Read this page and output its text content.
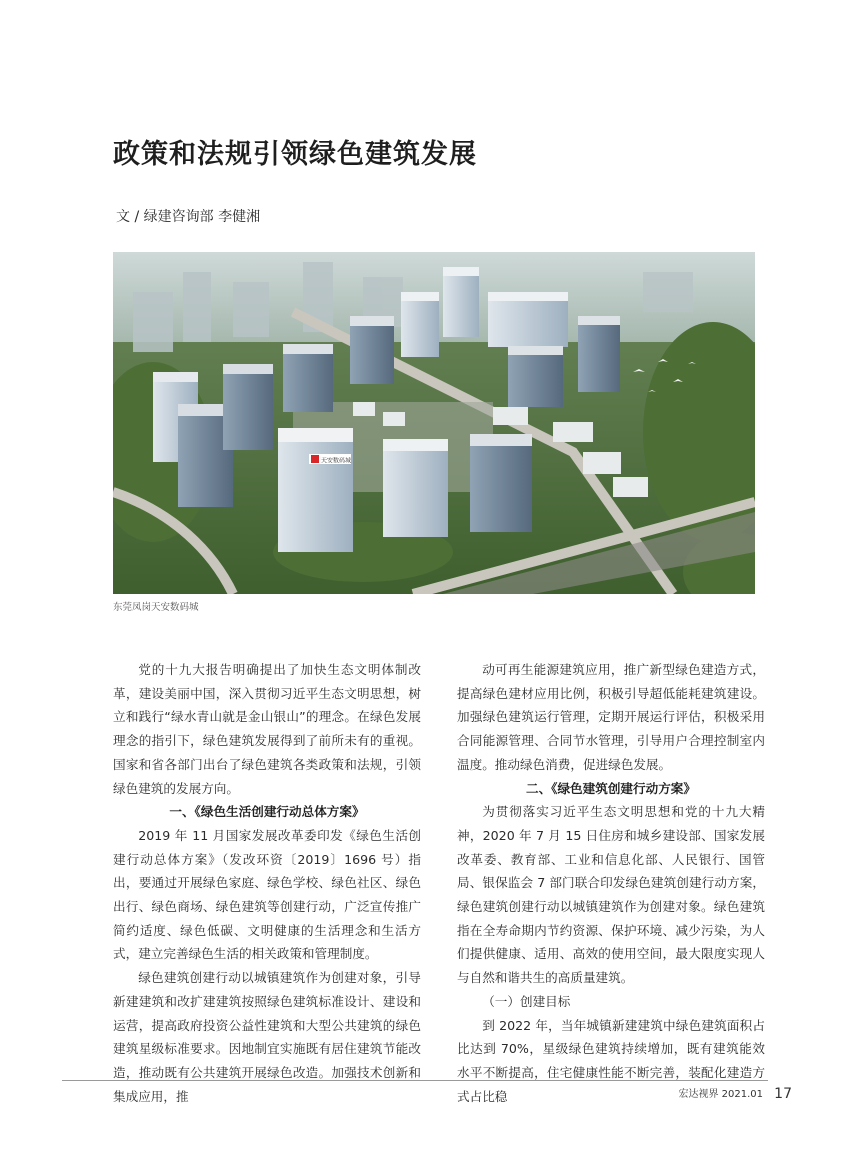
政策和法规引领绿色建筑发展
文 / 绿建咨询部 李健湘
天安数码城
东莞凤岗天安数码城

党的十九大报告明确提出了加快生态文明体制改革，建设美丽中国，深入贯彻习近平生态文明思想，树立和践行“绿水青山就是金山银山”的理念。在绿色发展理念的指引下，绿色建筑发展得到了前所未有的重视。国家和省各部门出台了绿色建筑各类政策和法规，引领绿色建筑的发展方向。

一、《绿色生活创建行动总体方案》

2019 年 11 月国家发展改革委印发《绿色生活创建行动总体方案》（发改环资〔2019〕1696 号）指出，要通过开展绿色家庭、绿色学校、绿色社区、绿色出行、绿色商场、绿色建筑等创建行动，广泛宣传推广简约适度、绿色低碳、文明健康的生活理念和生活方式，建立完善绿色生活的相关政策和管理制度。

绿色建筑创建行动以城镇建筑作为创建对象，引导新建建筑和改扩建建筑按照绿色建筑标准设计、建设和运营，提高政府投资公益性建筑和大型公共建筑的绿色建筑星级标准要求。因地制宜实施既有居住建筑节能改造，推动既有公共建筑开展绿色改造。加强技术创新和集成应用，推

动可再生能源建筑应用，推广新型绿色建造方式，提高绿色建材应用比例，积极引导超低能耗建筑建设。加强绿色建筑运行管理，定期开展运行评估，积极采用合同能源管理、合同节水管理，引导用户合理控制室内温度。推动绿色消费，促进绿色发展。

二、《绿色建筑创建行动方案》

为贯彻落实习近平生态文明思想和党的十九大精神，2020 年 7 月 15 日住房和城乡建设部、国家发展改革委、教育部、工业和信息化部、人民银行、国管局、银保监会 7 部门联合印发绿色建筑创建行动方案，绿色建筑创建行动以城镇建筑作为创建对象。绿色建筑指在全寿命期内节约资源、保护环境、减少污染，为人们提供健康、适用、高效的使用空间，最大限度实现人与自然和谐共生的高质量建筑。

（一）创建目标

到 2022 年，当年城镇新建建筑中绿色建筑面积占比达到 70%，星级绿色建筑持续增加，既有建筑能效水平不断提高，住宅健康性能不断完善，装配化建造方式占比稳	宏达视界 2021.01 17
